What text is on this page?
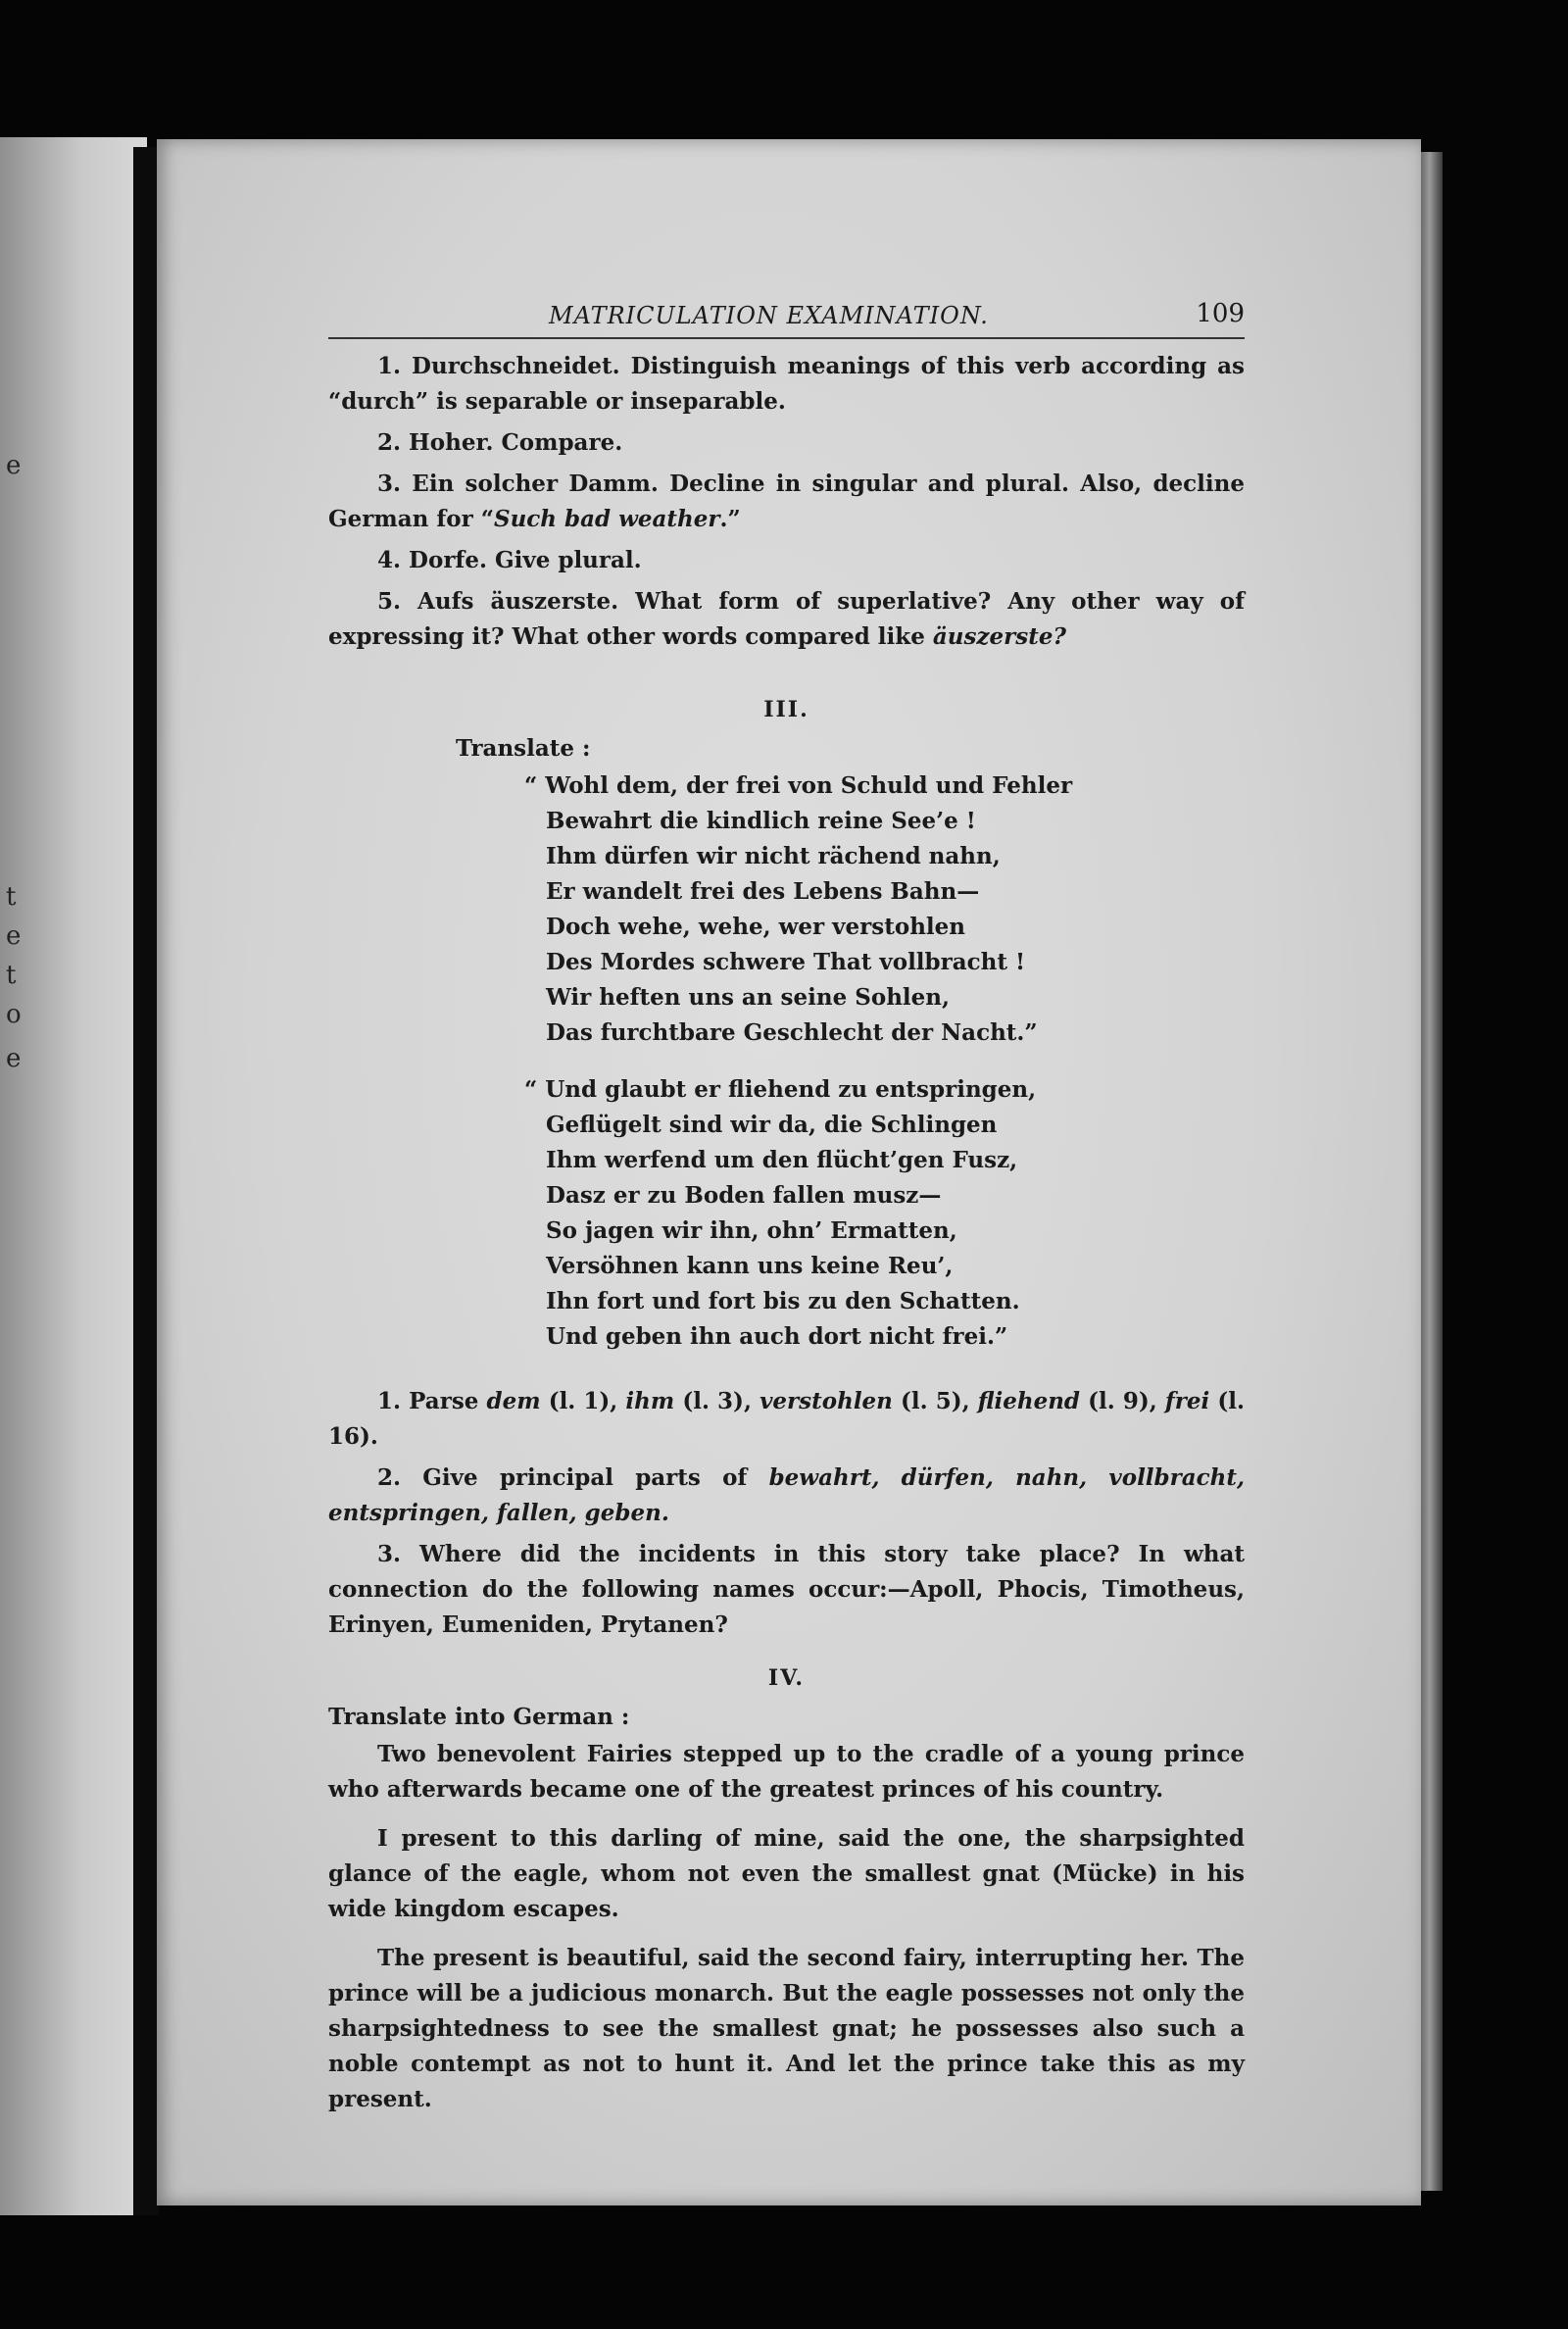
e
t
e
t
o
e
MATRICULATION EXAMINATION.	109

1. Durchschneidet. Distinguish meanings of this verb according as “durch” is separable or inseparable.

2. Hoher. Compare.

3. Ein solcher Damm. Decline in singular and plural. Also, decline German for “Such bad weather.”

4. Dorfe. Give plural.

5. Aufs äuszerste. What form of superlative? Any other way of expressing it? What other words compared like äuszerste?

III.

Translate :

“ Wohl dem, der frei von Schuld und Fehler
Bewahrt die kindlich reine See’e !
Ihm dürfen wir nicht rächend nahn,
Er wandelt frei des Lebens Bahn—
Doch wehe, wehe, wer verstohlen
Des Mordes schwere That vollbracht !
Wir heften uns an seine Sohlen,
Das furchtbare Geschlecht der Nacht.”
“ Und glaubt er fliehend zu entspringen,
Geflügelt sind wir da, die Schlingen
Ihm werfend um den flücht’gen Fusz,
Dasz er zu Boden fallen musz—
So jagen wir ihn, ohn’ Ermatten,
Versöhnen kann uns keine Reu’,
Ihn fort und fort bis zu den Schatten.
Und geben ihn auch dort nicht frei.”

1. Parse dem (l. 1), ihm (l. 3), verstohlen (l. 5), fliehend (l. 9), frei (l. 16).

2. Give principal parts of bewahrt, dürfen, nahn, vollbracht, entspringen, fallen, geben.

3. Where did the incidents in this story take place? In what connection do the following names occur:—Apoll, Phocis, Timotheus, Erinyen, Eumeniden, Prytanen?

IV.

Translate into German :

Two benevolent Fairies stepped up to the cradle of a young prince who afterwards became one of the greatest princes of his country.

I present to this darling of mine, said the one, the sharpsighted glance of the eagle, whom not even the smallest gnat (Mücke) in his wide kingdom escapes.

The present is beautiful, said the second fairy, interrupting her. The prince will be a judicious monarch. But the eagle possesses not only the sharpsightedness to see the smallest gnat; he possesses also such a noble contempt as not to hunt it. And let the prince take this as my present.
